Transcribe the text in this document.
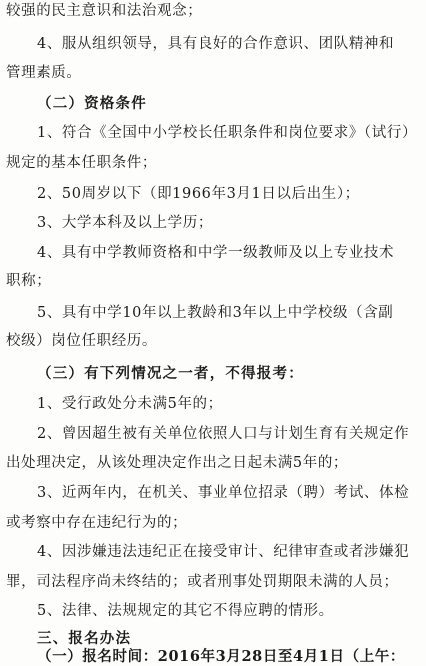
较强的民主意识和法治观念；
4、服从组织领导，具有良好的合作意识、团队精神和
管理素质。
（二）资格条件
1、符合《全国中小学校长任职条件和岗位要求》（试行）
规定的基本任职条件；
2、50周岁以下（即1966年3月1日以后出生）；
3、大学本科及以上学历；
4、具有中学教师资格和中学一级教师及以上专业技术
职称；
5、具有中学10年以上教龄和3年以上中学校级（含副
校级）岗位任职经历。
（三）有下列情况之一者，不得报考：
1、受行政处分未满5年的；
2、曾因超生被有关单位依照人口与计划生育有关规定作
出处理决定，从该处理决定作出之日起未满5年的；
3、近两年内，在机关、事业单位招录（聘）考试、体检
或考察中存在违纪行为的；
4、因涉嫌违法违纪正在接受审计、纪律审查或者涉嫌犯
罪，司法程序尚未终结的；或者刑事处罚期限未满的人员；
5、法律、法规规定的其它不得应聘的情形。
三、报名办法
（一）报名时间：2016年3月28日至4月1日（上午：
